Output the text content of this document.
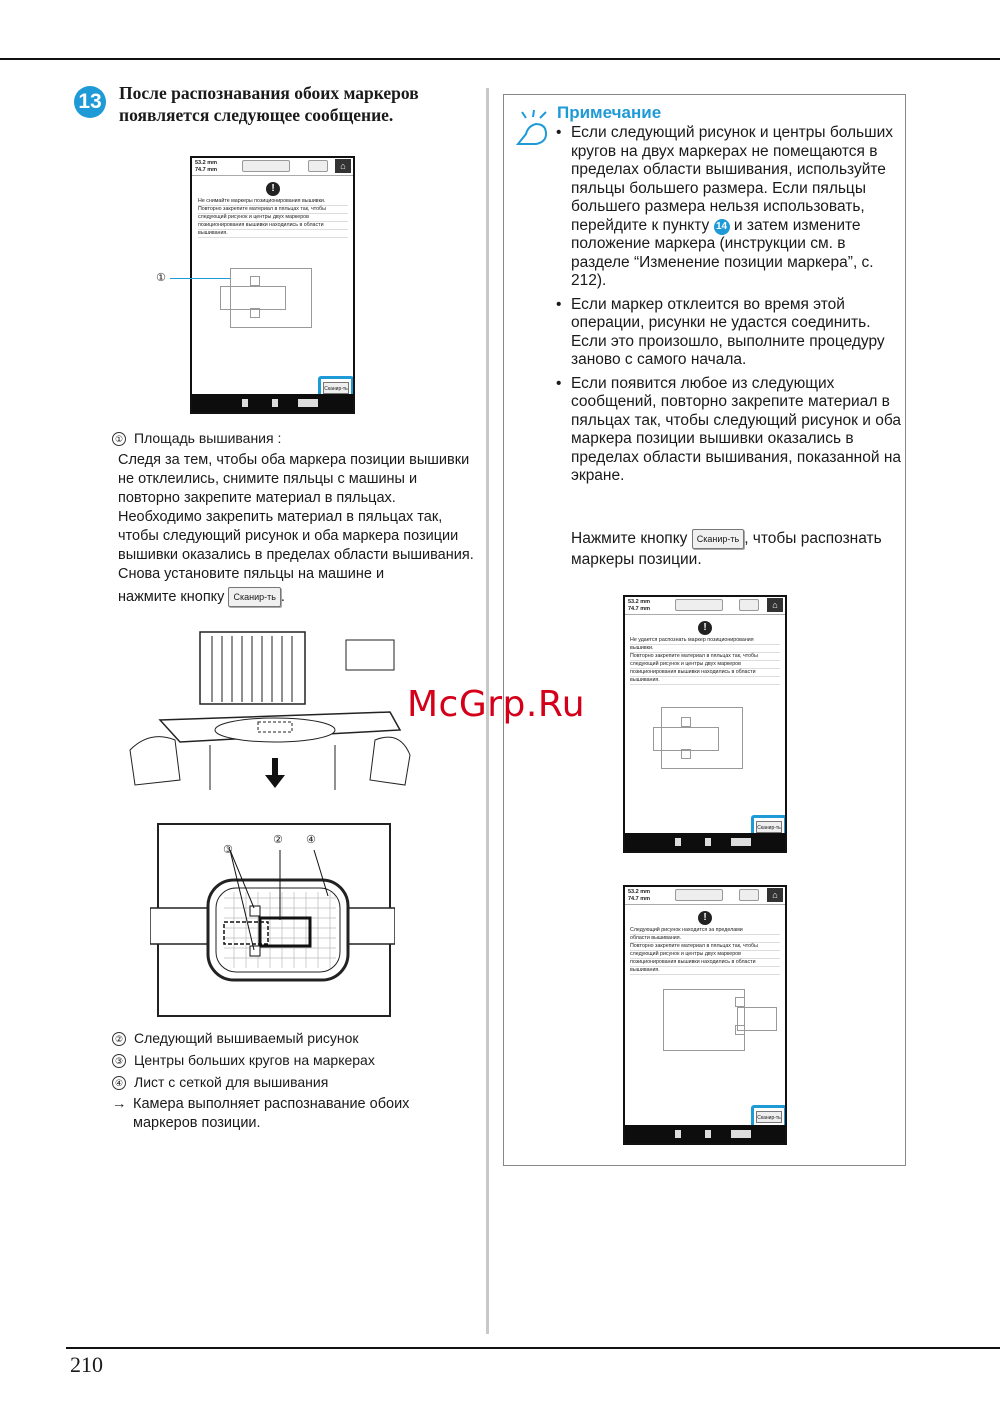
13 После распознавания обоих маркеров появляется следующее сообщение.
53.2 mm
74.7 mm	⌂
!
Не снимайте маркеры позиционирования вышивки.
Повторно закрепите материал в пяльцах так, чтобы
следующий рисунок и центры двух маркеров
позиционирования вышивки находились в области
вышивания.
Сканир-ть
①
① Площадь вышивания :
Следя за тем, чтобы оба маркера позиции вышивки не отклеились, снимите пяльцы с машины и повторно закрепите материал в пяльцах. Необходимо закрепить материал в пяльцах так, чтобы следующий рисунок и оба маркера позиции вышивки оказались в пределах области вышивания. Снова установите пяльцы на машине и
нажмите кнопку Сканир-ть .
③
② ④
② Следующий вышиваемый рисунок
③ Центры больших кругов на маркерах
④ Лист с сеткой для вышивания
→ Камера выполняет распознавание обоих маркеров позиции.
Примечание
• Если следующий рисунок и центры больших кругов на двух маркерах не помещаются в пределах области вышивания, используйте пяльцы большего размера. Если пяльцы большего размера нельзя использовать, перейдите к пункту 14 и затем измените положение маркера (инструкции см. в разделе “Изменение позиции маркера”, с. 212).
• Если маркер отклеится во время этой операции, рисунки не удастся соединить. Если это произошло, выполните процедуру заново с самого начала.
• Если появится любое из следующих сообщений, повторно закрепите материал в пяльцах так, чтобы следующий рисунок и оба маркера позиции вышивки оказались в пределах области вышивания, показанной на экране.
Нажмите кнопку Сканир-ть , чтобы распознать маркеры позиции.
53.2 mm
74.7 mm	⌂
!
Не удается распознать маркер позиционирования
вышивки.
Повторно закрепите материал в пяльцах так, чтобы
следующий рисунок и центры двух маркеров
позиционирования вышивки находились в области
вышивания.
Сканир-ть
53.2 mm
74.7 mm	⌂
!
Следующий рисунок находится за пределами
области вышивания.
Повторно закрепите материал в пяльцах так, чтобы
следующий рисунок и центры двух маркеров
позиционирования вышивки находились в области
вышивания.
Сканир-ть
McGrp.Ru
210
